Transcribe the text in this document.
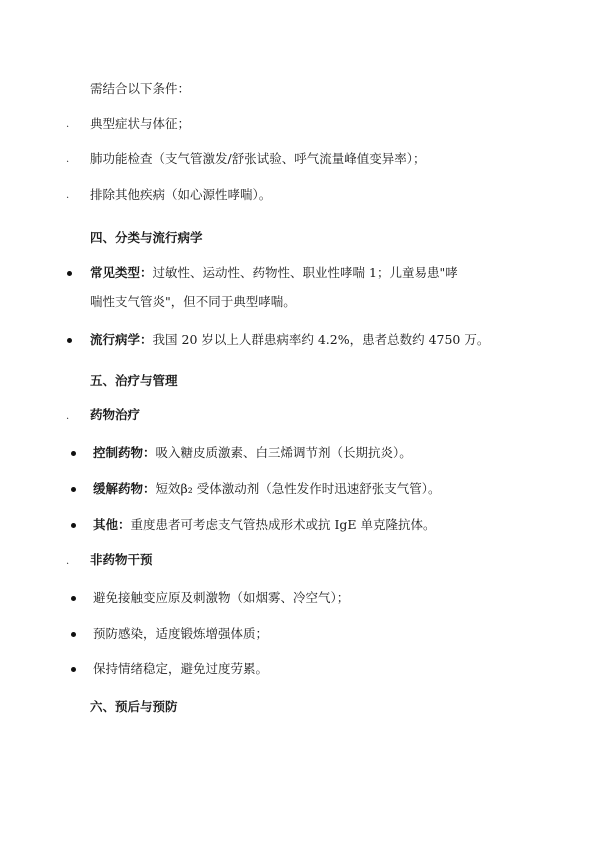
需结合以下条件：
. 典型症状与体征；
. 肺功能检查（支气管激发/舒张试验、呼气流量峰值变异率）；
. 排除其他疾病（如心源性哮喘）。
四、分类与流行病学
常见类型：过敏性、运动性、药物性、职业性哮喘 1；儿童易患"哮
喘性支气管炎"，但不同于典型哮喘。
流行病学：我国 20 岁以上人群患病率约 4.2%，患者总数约 4750 万。
五、治疗与管理
. 药物治疗
控制药物：吸入糖皮质激素、白三烯调节剂（长期抗炎）。
缓解药物：短效β₂ 受体激动剂（急性发作时迅速舒张支气管）。
其他：重度患者可考虑支气管热成形术或抗 IgE 单克隆抗体。
. 非药物干预
避免接触变应原及刺激物（如烟雾、冷空气）；
预防感染，适度锻炼增强体质；
保持情绪稳定，避免过度劳累。
六、预后与预防
